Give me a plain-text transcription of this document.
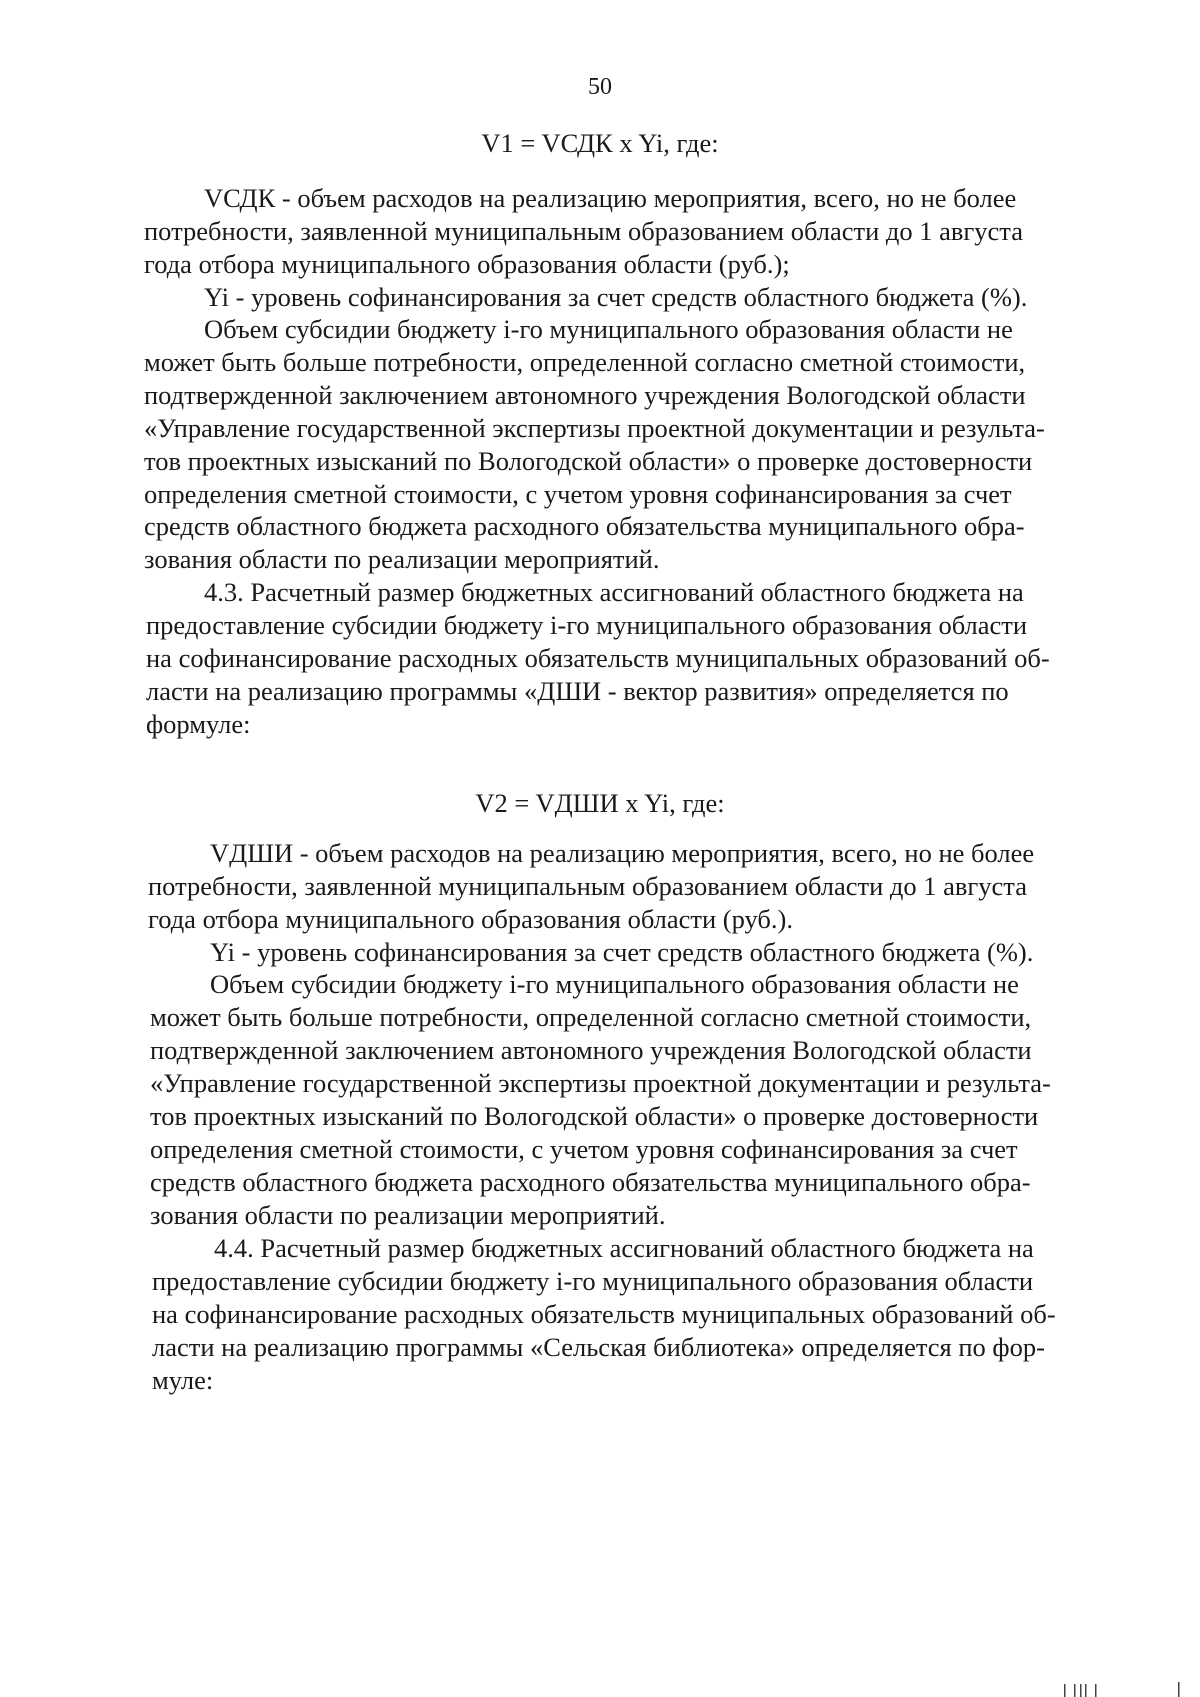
50
V1 = VСДК x Yi, где:

VСДК - объем расходов на реализацию мероприятия, всего, но не более

потребности, заявленной муниципальным образованием области до 1 августа

года отбора муниципального образования области (руб.);

Yi - уровень софинансирования за счет средств областного бюджета (%).

Объем субсидии бюджету i-го муниципального образования области не

может быть больше потребности, определенной согласно сметной стоимости,

подтвержденной заключением автономного учреждения Вологодской области

«Управление государственной экспертизы проектной документации и результа-

тов проектных изысканий по Вологодской области» о проверке достоверности

определения сметной стоимости, с учетом уровня софинансирования за счет

средств областного бюджета расходного обязательства муниципального обра-

зования области по реализации мероприятий.

4.3. Расчетный размер бюджетных ассигнований областного бюджета на

предоставление субсидии бюджету i-го муниципального образования области

на софинансирование расходных обязательств муниципальных образований об-

ласти на реализацию программы «ДШИ - вектор развития» определяется по

формуле:

V2 = VДШИ x Yi, где:

VДШИ - объем расходов на реализацию мероприятия, всего, но не более

потребности, заявленной муниципальным образованием области до 1 августа

года отбора муниципального образования области (руб.).

Yi - уровень софинансирования за счет средств областного бюджета (%).

Объем субсидии бюджету i-го муниципального образования области не

может быть больше потребности, определенной согласно сметной стоимости,

подтвержденной заключением автономного учреждения Вологодской области

«Управление государственной экспертизы проектной документации и результа-

тов проектных изысканий по Вологодской области» о проверке достоверности

определения сметной стоимости, с учетом уровня софинансирования за счет

средств областного бюджета расходного обязательства муниципального обра-

зования области по реализации мероприятий.

4.4. Расчетный размер бюджетных ассигнований областного бюджета на

предоставление субсидии бюджету i-го муниципального образования области

на софинансирование расходных обязательств муниципальных образований об-

ласти на реализацию программы «Сельская библиотека» определяется по фор-

муле:
